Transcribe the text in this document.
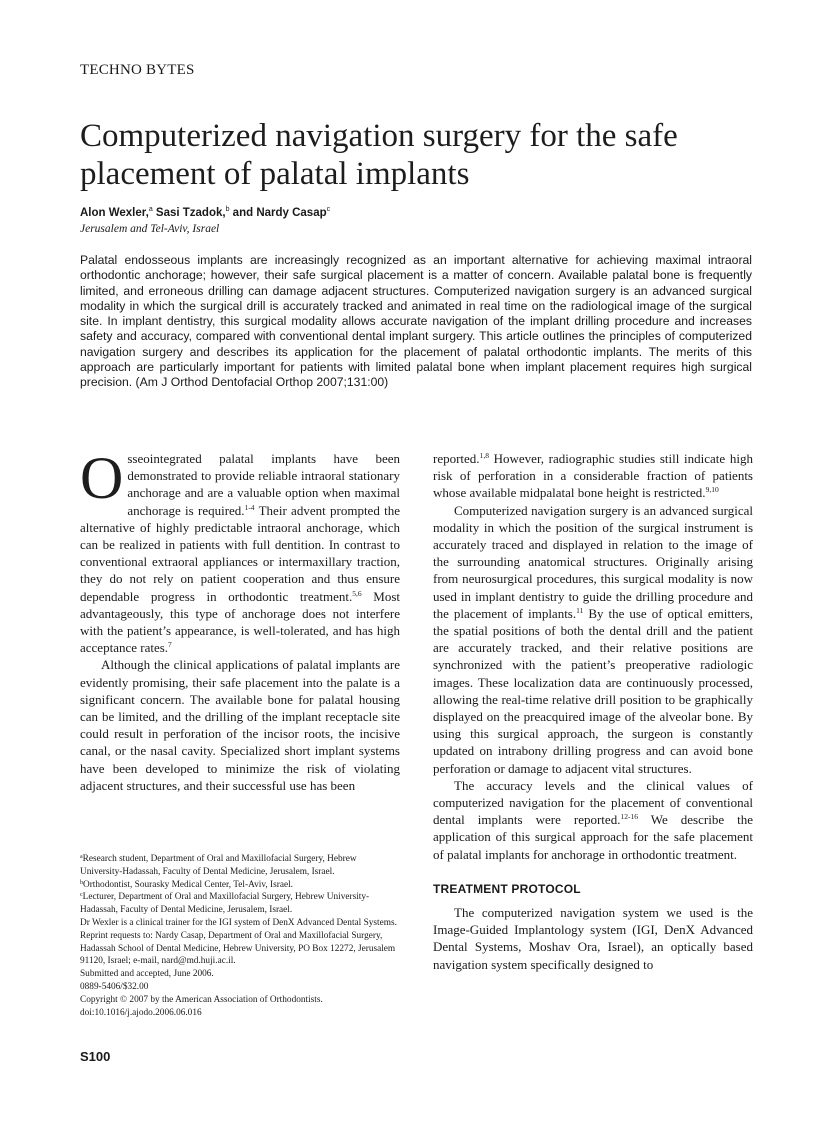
TECHNO BYTES
Computerized navigation surgery for the safe placement of palatal implants
Alon Wexler,$^a$ Sasi Tzadok,$^b$ and Nardy Casap$^c$
Jerusalem and Tel-Aviv, Israel

Palatal endosseous implants are increasingly recognized as an important alternative for achieving maximal intraoral orthodontic anchorage; however, their safe surgical placement is a matter of concern. Available palatal bone is frequently limited, and erroneous drilling can damage adjacent structures. Computerized navigation surgery is an advanced surgical modality in which the surgical drill is accurately tracked and animated in real time on the radiological image of the surgical site. In implant dentistry, this surgical modality allows accurate navigation of the implant drilling procedure and increases safety and accuracy, compared with conventional dental implant surgery. This article outlines the principles of computerized navigation surgery and describes its application for the placement of palatal orthodontic implants. The merits of this approach are particularly important for patients with limited palatal bone when implant placement requires high surgical precision. (Am J Orthod Dentofacial Orthop 2007;131:00)

Osseointegrated palatal implants have been demonstrated to provide reliable intraoral stationary anchorage and are a valuable option when maximal anchorage is required.$^{1-4}$ Their advent prompted the alternative of highly predictable intraoral anchorage, which can be realized in patients with full dentition. In contrast to conventional extraoral appliances or intermaxillary traction, they do not rely on patient cooperation and thus ensure dependable progress in orthodontic treatment.$^{5,6}$ Most advantageously, this type of anchorage does not interfere with the patient’s appearance, is well-tolerated, and has high acceptance rates.$^7$

Although the clinical applications of palatal implants are evidently promising, their safe placement into the palate is a significant concern. The available bone for palatal housing can be limited, and the drilling of the implant receptacle site could result in perforation of the incisor roots, the incisive canal, or the nasal cavity. Specialized short implant systems have been developed to minimize the risk of violating adjacent structures, and their successful use has been

reported.$^{1,8}$ However, radiographic studies still indicate high risk of perforation in a considerable fraction of patients whose available midpalatal bone height is restricted.$^{9,10}$

Computerized navigation surgery is an advanced surgical modality in which the position of the surgical instrument is accurately traced and displayed in relation to the image of the surrounding anatomical structures. Originally arising from neurosurgical procedures, this surgical modality is now used in implant dentistry to guide the drilling procedure and the placement of implants.$^{11}$ By the use of optical emitters, the spatial positions of both the dental drill and the patient are accurately tracked, and their relative positions are synchronized with the patient’s preoperative radiologic images. These localization data are continuously processed, allowing the real-time relative drill position to be graphically displayed on the preacquired image of the alveolar bone. By using this surgical approach, the surgeon is constantly updated on intrabony drilling progress and can avoid bone perforation or damage to adjacent vital structures.

The accuracy levels and the clinical values of computerized navigation for the placement of conventional dental implants were reported.$^{12-16}$ We describe the application of this surgical approach for the safe placement of palatal implants for anchorage in orthodontic treatment.

TREATMENT PROTOCOL

The computerized navigation system we used is the Image-Guided Implantology system (IGI, DenX Advanced Dental Systems, Moshav Ora, Israel), an optically based navigation system specifically designed to

$^a$Research student, Department of Oral and Maxillofacial Surgery, Hebrew University-Hadassah, Faculty of Dental Medicine, Jerusalem, Israel.
$^b$Orthodontist, Sourasky Medical Center, Tel-Aviv, Israel.
$^c$Lecturer, Department of Oral and Maxillofacial Surgery, Hebrew University-Hadassah, Faculty of Dental Medicine, Jerusalem, Israel.
Dr Wexler is a clinical trainer for the IGI system of DenX Advanced Dental Systems.
Reprint requests to: Nardy Casap, Department of Oral and Maxillofacial Surgery, Hadassah School of Dental Medicine, Hebrew University, PO Box 12272, Jerusalem 91120, Israel; e-mail, nard@md.huji.ac.il.
Submitted and accepted, June 2006.
0889-5406/$32.00
Copyright © 2007 by the American Association of Orthodontists.
doi:10.1016/j.ajodo.2006.06.016
S100
